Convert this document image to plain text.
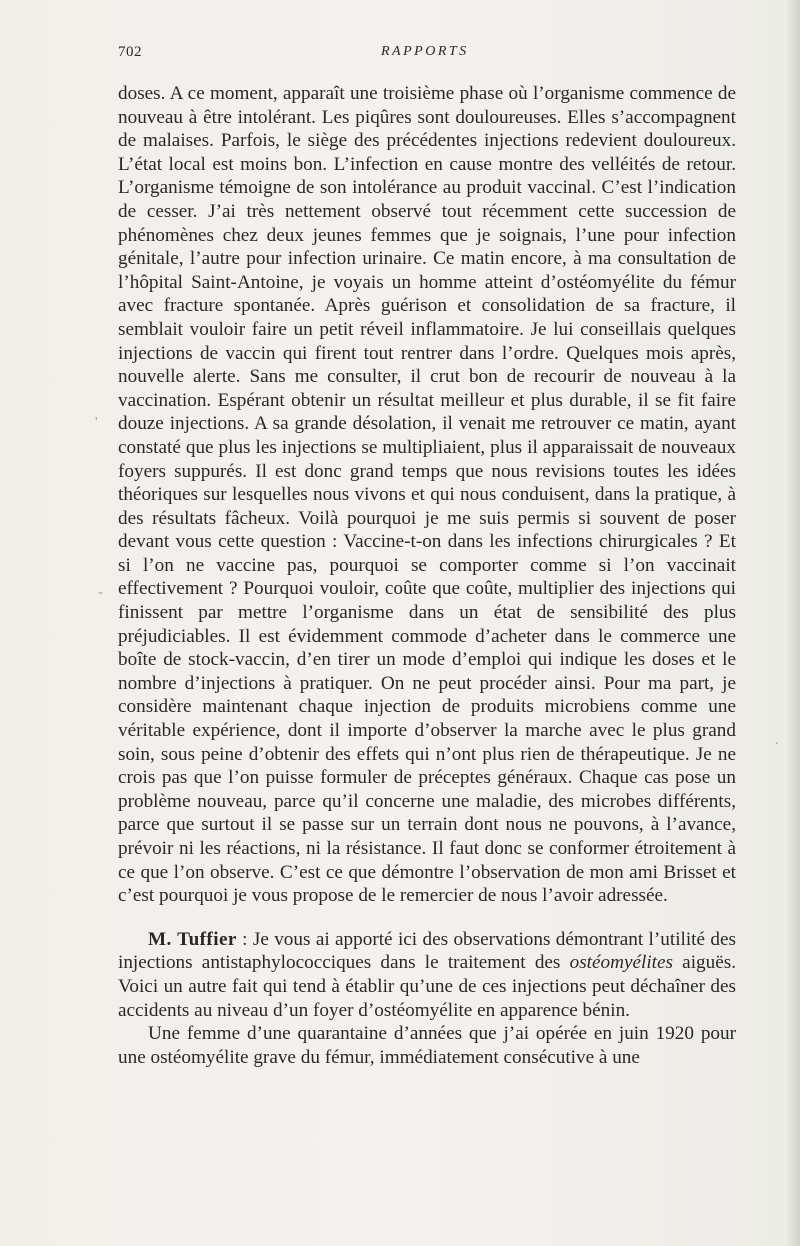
702	RAPPORTS

doses. A ce moment, apparaît une troisième phase où l’organisme commence de nouveau à être intolérant. Les piqûres sont douloureuses. Elles s’accompagnent de malaises. Parfois, le siège des précédentes injections redevient douloureux. L’état local est moins bon. L’infection en cause montre des velléités de retour. L’organisme témoigne de son intolérance au produit vaccinal. C’est l’indication de cesser. J’ai très nettement observé tout récemment cette succession de phénomènes chez deux jeunes femmes que je soignais, l’une pour infection génitale, l’autre pour infection urinaire. Ce matin encore, à ma consultation de l’hôpital Saint-Antoine, je voyais un homme atteint d’ostéomyélite du fémur avec fracture spontanée. Après guérison et consolidation de sa fracture, il semblait vouloir faire un petit réveil inflammatoire. Je lui conseillais quelques injections de vaccin qui firent tout rentrer dans l’ordre. Quelques mois après, nouvelle alerte. Sans me consulter, il crut bon de recourir de nouveau à la vaccination. Espérant obtenir un résultat meilleur et plus durable, il se fit faire douze injections. A sa grande désolation, il venait me retrouver ce matin, ayant constaté que plus les injections se multipliaient, plus il apparaissait de nouveaux foyers suppurés. Il est donc grand temps que nous revisions toutes les idées théoriques sur lesquelles nous vivons et qui nous conduisent, dans la pratique, à des résultats fâcheux. Voilà pourquoi je me suis permis si souvent de poser devant vous cette question : Vaccine-t-on dans les infections chirurgicales ? Et si l’on ne vaccine pas, pourquoi se comporter comme si l’on vaccinait effectivement ? Pourquoi vouloir, coûte que coûte, multiplier des injections qui finissent par mettre l’organisme dans un état de sensibilité des plus préjudiciables. Il est évidemment commode d’acheter dans le commerce une boîte de stock-vaccin, d’en tirer un mode d’emploi qui indique les doses et le nombre d’injections à pratiquer. On ne peut procéder ainsi. Pour ma part, je considère maintenant chaque injection de produits microbiens comme une véritable expérience, dont il importe d’observer la marche avec le plus grand soin, sous peine d’obtenir des effets qui n’ont plus rien de thérapeutique. Je ne crois pas que l’on puisse formuler de préceptes généraux. Chaque cas pose un problème nouveau, parce qu’il concerne une maladie, des microbes différents, parce que surtout il se passe sur un terrain dont nous ne pouvons, à l’avance, prévoir ni les réactions, ni la résistance. Il faut donc se conformer étroitement à ce que l’on observe. C’est ce que démontre l’observation de mon ami Brisset et c’est pourquoi je vous propose de le remercier de nous l’avoir adressée.

M. Tuffier : Je vous ai apporté ici des observations démontrant l’utilité des injections antistaphylococciques dans le traitement des ostéomyélites aiguës. Voici un autre fait qui tend à établir qu’une de ces injections peut déchaîner des accidents au niveau d’un foyer d’ostéomyélite en apparence bénin.

Une femme d’une quarantaine d’années que j’ai opérée en juin 1920 pour une ostéomyélite grave du fémur, immédiatement consécutive à une

'
-
.
